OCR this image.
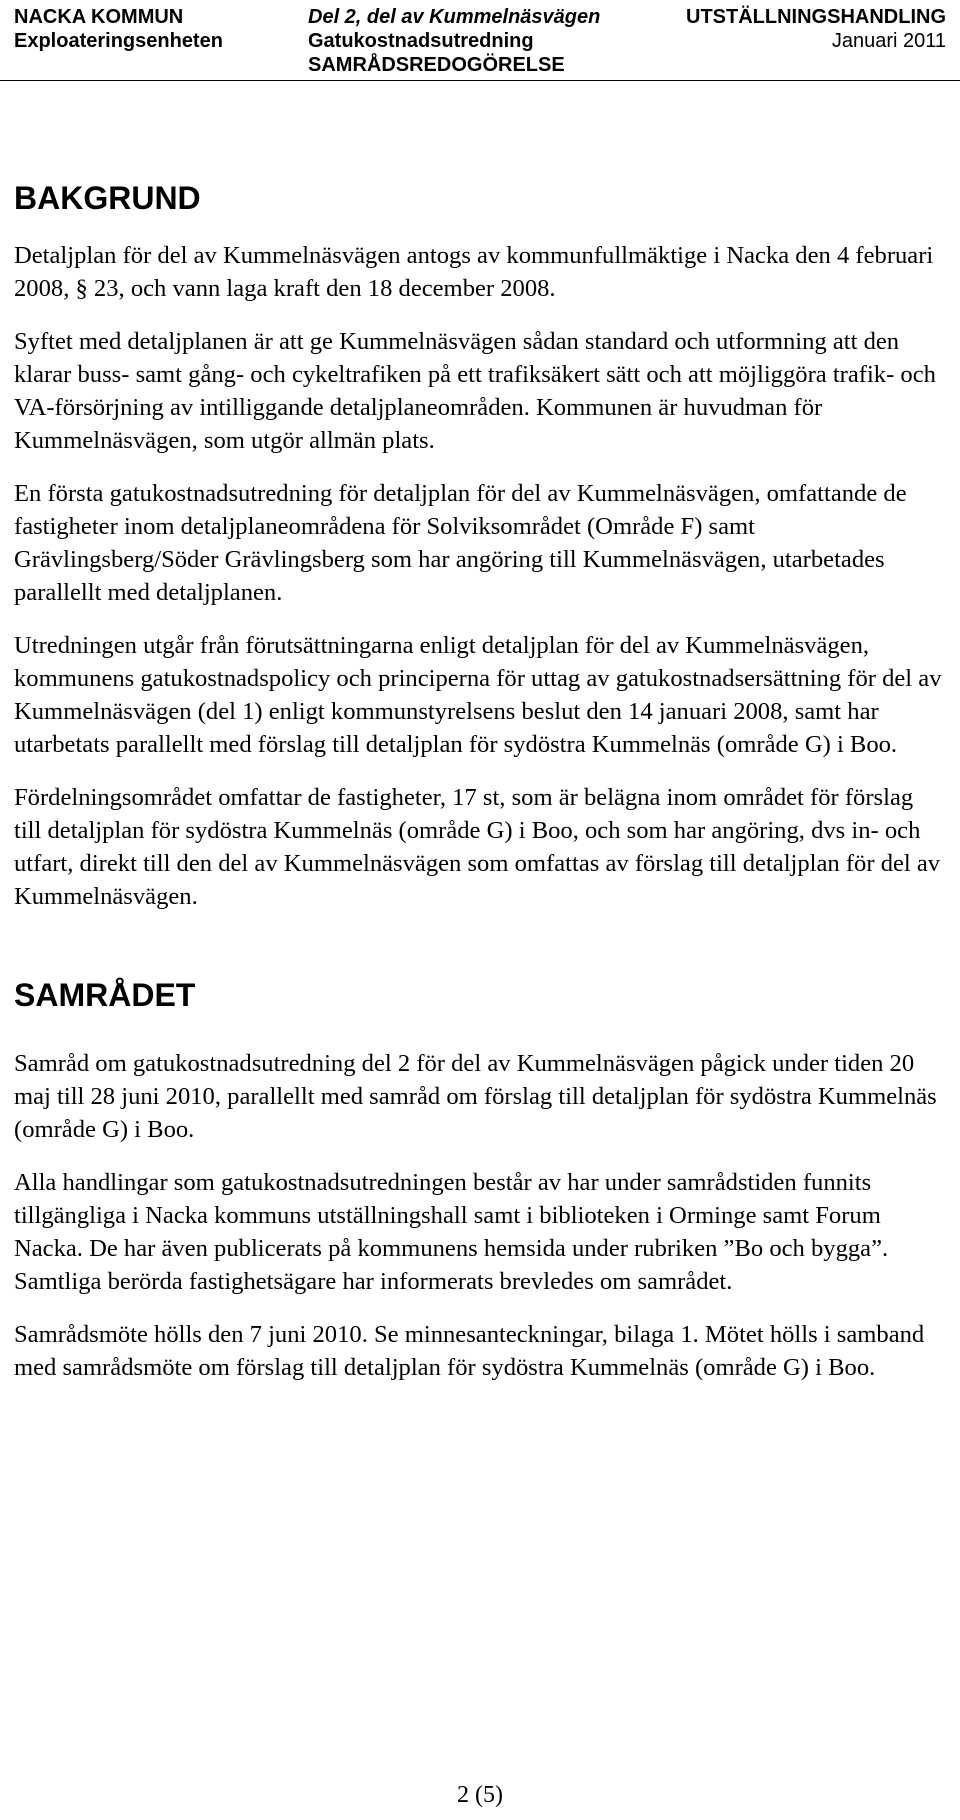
NACKA KOMMUN
Exploateringsenheten
Del 2, del av Kummelnäsvägen
Gatukostnadsutredning
SAMRÅDSREDOGÖRELSE
UTSTÄLLNINGSHANDLING
Januari 2011
BAKGRUND

Detaljplan för del av Kummelnäsvägen antogs av kommunfullmäktige i Nacka den 4 februari 2008, § 23, och vann laga kraft den 18 december 2008.

Syftet med detaljplanen är att ge Kummelnäsvägen sådan standard och utformning att den klarar buss- samt gång- och cykeltrafiken på ett trafiksäkert sätt och att möjliggöra trafik- och VA-försörjning av intilliggande detaljplaneområden. Kommunen är huvudman för Kummelnäsvägen, som utgör allmän plats.

En första gatukostnadsutredning för detaljplan för del av Kummelnäsvägen, omfattande de fastigheter inom detaljplaneområdena för Solviksområdet (Område F) samt Grävlingsberg/Söder Grävlingsberg som har angöring till Kummelnäsvägen, utarbetades parallellt med detaljplanen.

Utredningen utgår från förutsättningarna enligt detaljplan för del av Kummelnäsvägen, kommunens gatukostnadspolicy och principerna för uttag av gatukostnadsersättning för del av Kummelnäsvägen (del 1) enligt kommunstyrelsens beslut den 14 januari 2008, samt har utarbetats parallellt med förslag till detaljplan för sydöstra Kummelnäs (område G) i Boo.

Fördelningsområdet omfattar de fastigheter, 17 st, som är belägna inom området för förslag till detaljplan för sydöstra Kummelnäs (område G) i Boo, och som har angöring, dvs in- och utfart, direkt till den del av Kummelnäsvägen som omfattas av förslag till detaljplan för del av Kummelnäsvägen.

SAMRÅDET

Samråd om gatukostnadsutredning del 2 för del av Kummelnäsvägen pågick under tiden 20 maj till 28 juni 2010, parallellt med samråd om förslag till detaljplan för sydöstra Kummelnäs (område G) i Boo.

Alla handlingar som gatukostnadsutredningen består av har under samrådstiden funnits tillgängliga i Nacka kommuns utställningshall samt i biblioteken i Orminge samt Forum Nacka. De har även publicerats på kommunens hemsida under rubriken ”Bo och bygga”. Samtliga berörda fastighetsägare har informerats brevledes om samrådet.

Samrådsmöte hölls den 7 juni 2010. Se minnesanteckningar, bilaga 1. Mötet hölls i samband med samrådsmöte om förslag till detaljplan för sydöstra Kummelnäs (område G) i Boo.

2 (5)
